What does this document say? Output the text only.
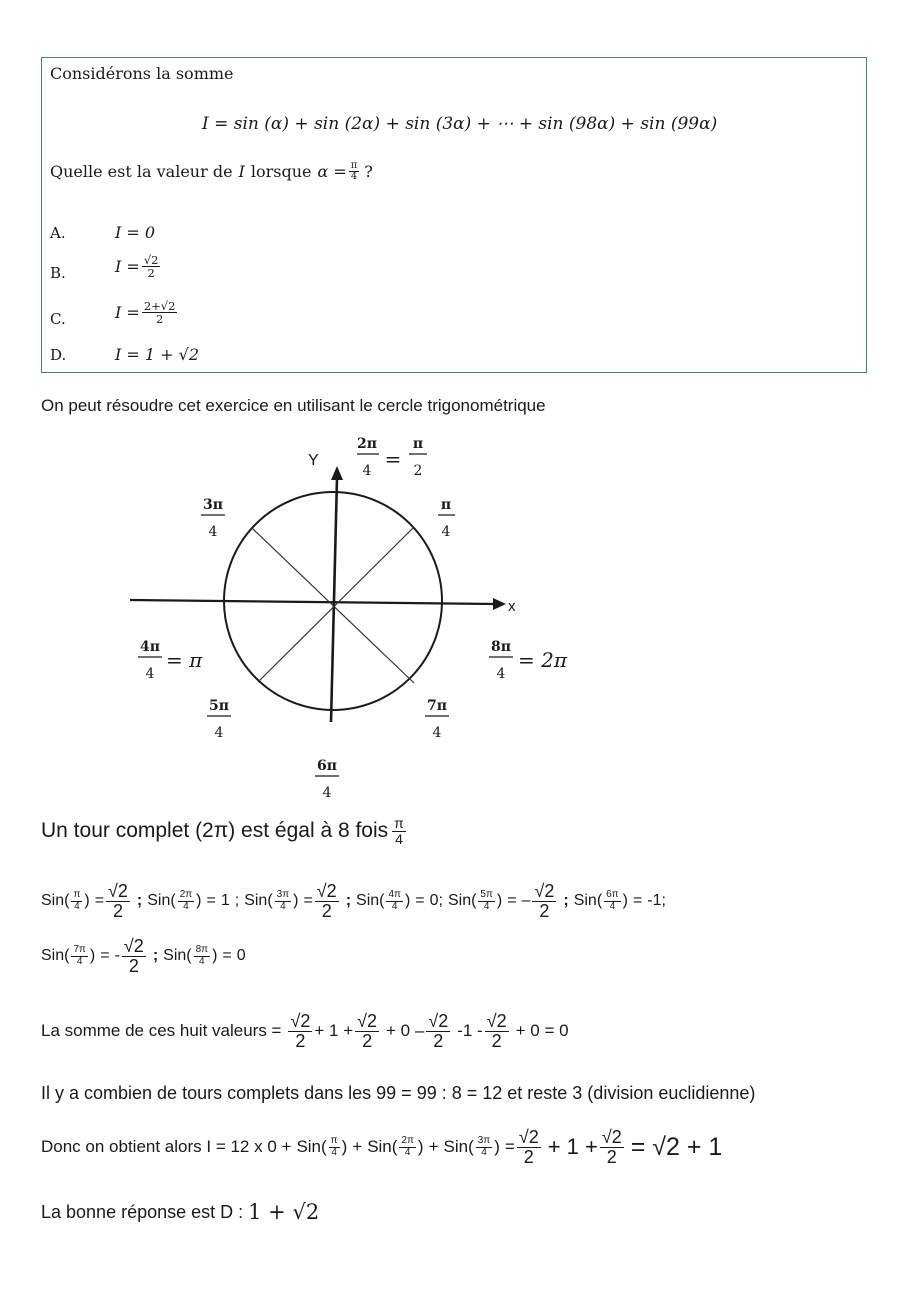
Considérons la somme
I = sin (α) + sin (2α) + sin (3α) + ⋯ + sin (98α) + sin (99α)
Quelle est la valeur de I lorsque $\alpha = \frac{\pi}{4}$ ?
A.	I = 0
B.	$I = \frac{√2}{2}$
C.	$I = \frac{2+√2}{2}$
D.	I = 1 + √2
On peut résoudre cet exercice en utilisant le cercle trigonométrique
Y
x
2π
4 =
π
2
π
4
3π
4
4π
4
= π
8π
4
= 2π
5π
4
7π
4
6π
4
Un tour complet (2π) est égal à 8 fois $\frac{\pi}{4}$
$Sin( \frac{\pi}{4}$ ) = $\frac{√2}{2}$ ; $Sin( \frac{2\pi}{4}$ ) = 1 ; $Sin( \frac{3\pi}{4}$ ) = $\frac{√2}{2}$ ; $Sin( \frac{4\pi}{4}$ ) = 0 ; $Sin( \frac{5\pi}{4}$ ) = – $\frac{√2}{2}$ ; $Sin( \frac{6\pi}{4}$ ) = -1 ;
$Sin( \frac{7\pi}{4}$ ) = - $\frac{√2}{2}$ ; $Sin( \frac{8\pi}{4}$ ) = 0
La somme de ces huit valeurs = $\frac{√2}{2} + 1 + \frac{√2}{2} + 0 - \frac{√2}{2} -1 - \frac{√2}{2} + 0 = 0$
Il y a combien de tours complets dans les 99 = 99 : 8 = 12 et reste 3 (division euclidienne)
Donc on obtient alors I = 12 x $0 + Sin( \frac{\pi}{4}$ ) + $Sin( \frac{2\pi}{4}$ ) + $Sin( \frac{3\pi}{4}$ ) = $\frac{√2}{2} + 1 + \frac{√2}{2} = √2 + 1$
La bonne réponse est D : 1 + √2
